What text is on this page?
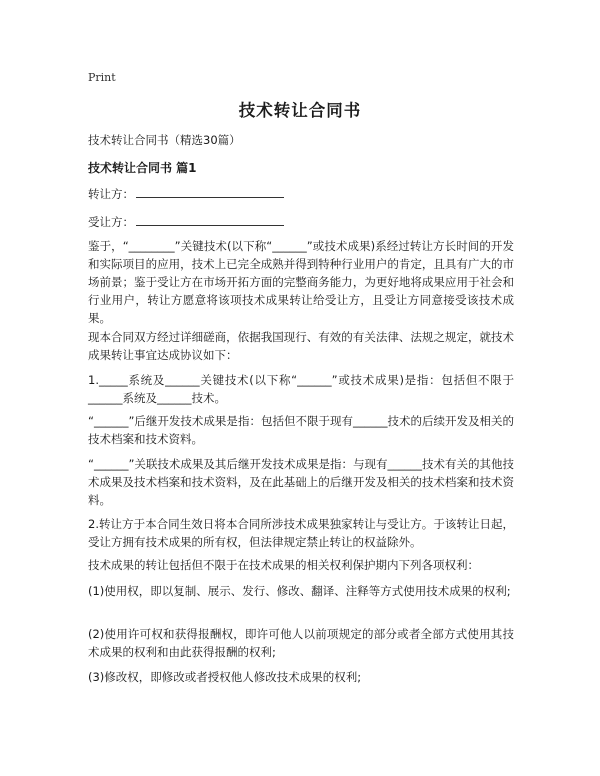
Print
技术转让合同书
技术转让合同书（精选30篇）
技术转让合同书 篇1
转让方：
受让方：
鉴于，“________”关键技术(以下称“______”或技术成果)系经过转让方长时间的开发和实际项目的应用，技术上已完全成熟并得到特种行业用户的肯定，且具有广大的市场前景；鉴于受让方在市场开拓方面的完整商务能力，为更好地将成果应用于社会和行业用户，转让方愿意将该项技术成果转让给受让方，且受让方同意接受该技术成果。
现本合同双方经过详细磋商，依据我国现行、有效的有关法律、法规之规定，就技术成果转让事宜达成协议如下：
1._____系统及______关键技术(以下称“______”或技术成果)是指：包括但不限于______系统及______技术。
“______”后继开发技术成果是指：包括但不限于现有______技术的后续开发及相关的技术档案和技术资料。
“______”关联技术成果及其后继开发技术成果是指：与现有______技术有关的其他技术成果及技术档案和技术资料，及在此基础上的后继开发及相关的技术档案和技术资料。
2.转让方于本合同生效日将本合同所涉技术成果独家转让与受让方。于该转让日起，受让方拥有技术成果的所有权，但法律规定禁止转让的权益除外。
技术成果的转让包括但不限于在技术成果的相关权利保护期内下列各项权利：
(1)使用权，即以复制、展示、发行、修改、翻译、注释等方式使用技术成果的权利;
(2)使用许可权和获得报酬权，即许可他人以前项规定的部分或者全部方式使用其技术成果的权利和由此获得报酬的权利;
(3)修改权，即修改或者授权他人修改技术成果的权利;
